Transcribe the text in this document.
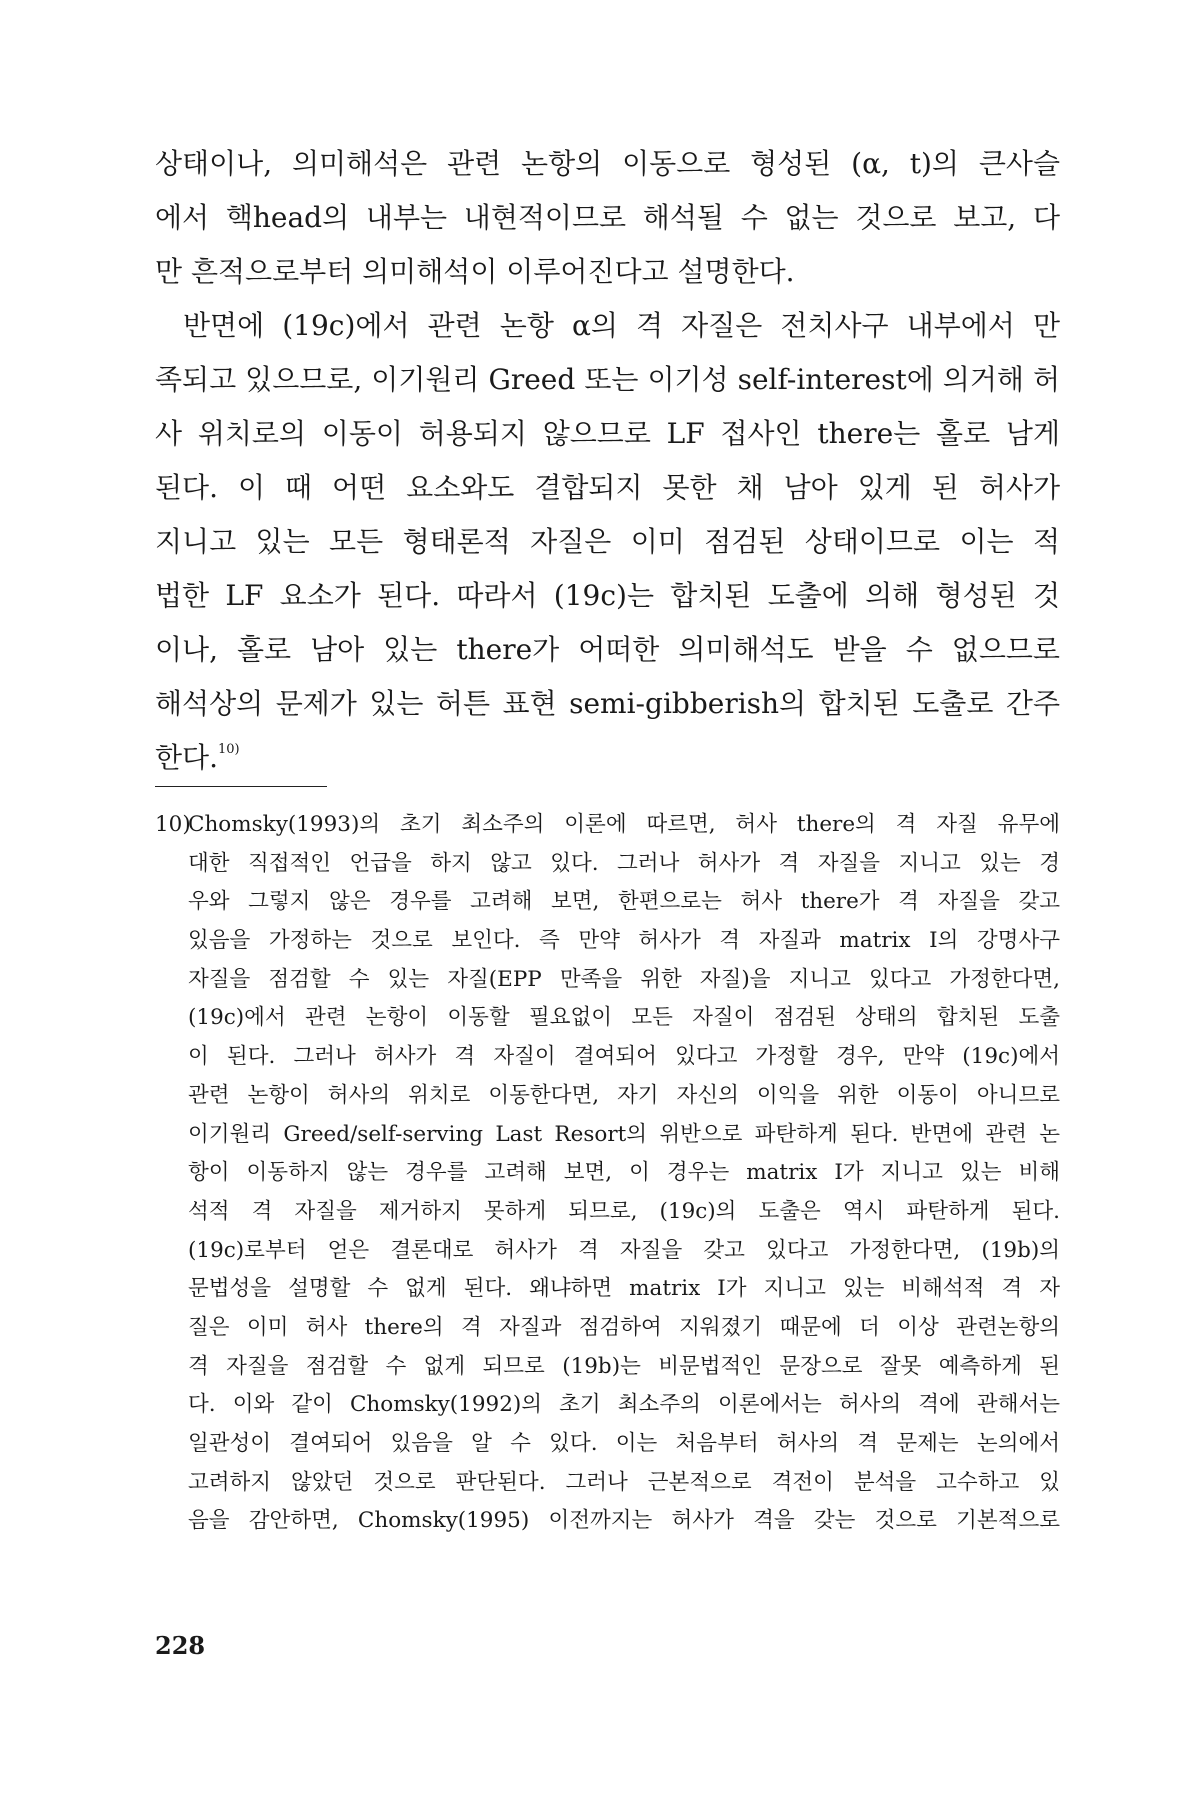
상태이나, 의미해석은 관련 논항의 이동으로 형성된 (α, t)의 큰사슬
에서 핵head의 내부는 내현적이므로 해석될 수 없는 것으로 보고, 다
만 흔적으로부터 의미해석이 이루어진다고 설명한다.
반면에 (19c)에서 관련 논항 α의 격 자질은 전치사구 내부에서 만
족되고 있으므로, 이기원리 Greed 또는 이기성 self-interest에 의거해 허
사 위치로의 이동이 허용되지 않으므로 LF 접사인 there는 홀로 남게
된다. 이 때 어떤 요소와도 결합되지 못한 채 남아 있게 된 허사가
지니고 있는 모든 형태론적 자질은 이미 점검된 상태이므로 이는 적
법한 LF 요소가 된다. 따라서 (19c)는 합치된 도출에 의해 형성된 것
이나, 홀로 남아 있는 there가 어떠한 의미해석도 받을 수 없으므로
해석상의 문제가 있는 허튼 표현 semi-gibberish의 합치된 도출로 간주
한다.$^{10)}$
10)Chomsky(1993)의 초기 최소주의 이론에 따르면, 허사 there의 격 자질 유무에
대한 직접적인 언급을 하지 않고 있다. 그러나 허사가 격 자질을 지니고 있는 경
우와 그렇지 않은 경우를 고려해 보면, 한편으로는 허사 there가 격 자질을 갖고
있음을 가정하는 것으로 보인다. 즉 만약 허사가 격 자질과 matrix I의 강명사구
자질을 점검할 수 있는 자질(EPP 만족을 위한 자질)을 지니고 있다고 가정한다면,
(19c)에서 관련 논항이 이동할 필요없이 모든 자질이 점검된 상태의 합치된 도출
이 된다. 그러나 허사가 격 자질이 결여되어 있다고 가정할 경우, 만약 (19c)에서
관련 논항이 허사의 위치로 이동한다면, 자기 자신의 이익을 위한 이동이 아니므로
이기원리 Greed/self-serving Last Resort의 위반으로 파탄하게 된다. 반면에 관련 논
항이 이동하지 않는 경우를 고려해 보면, 이 경우는 matrix I가 지니고 있는 비해
석적 격 자질을 제거하지 못하게 되므로, (19c)의 도출은 역시 파탄하게 된다.
(19c)로부터 얻은 결론대로 허사가 격 자질을 갖고 있다고 가정한다면, (19b)의
문법성을 설명할 수 없게 된다. 왜냐하면 matrix I가 지니고 있는 비해석적 격 자
질은 이미 허사 there의 격 자질과 점검하여 지워졌기 때문에 더 이상 관련논항의
격 자질을 점검할 수 없게 되므로 (19b)는 비문법적인 문장으로 잘못 예측하게 된
다. 이와 같이 Chomsky(1992)의 초기 최소주의 이론에서는 허사의 격에 관해서는
일관성이 결여되어 있음을 알 수 있다. 이는 처음부터 허사의 격 문제는 논의에서
고려하지 않았던 것으로 판단된다. 그러나 근본적으로 격전이 분석을 고수하고 있
음을 감안하면, Chomsky(1995) 이전까지는 허사가 격을 갖는 것으로 기본적으로
228
